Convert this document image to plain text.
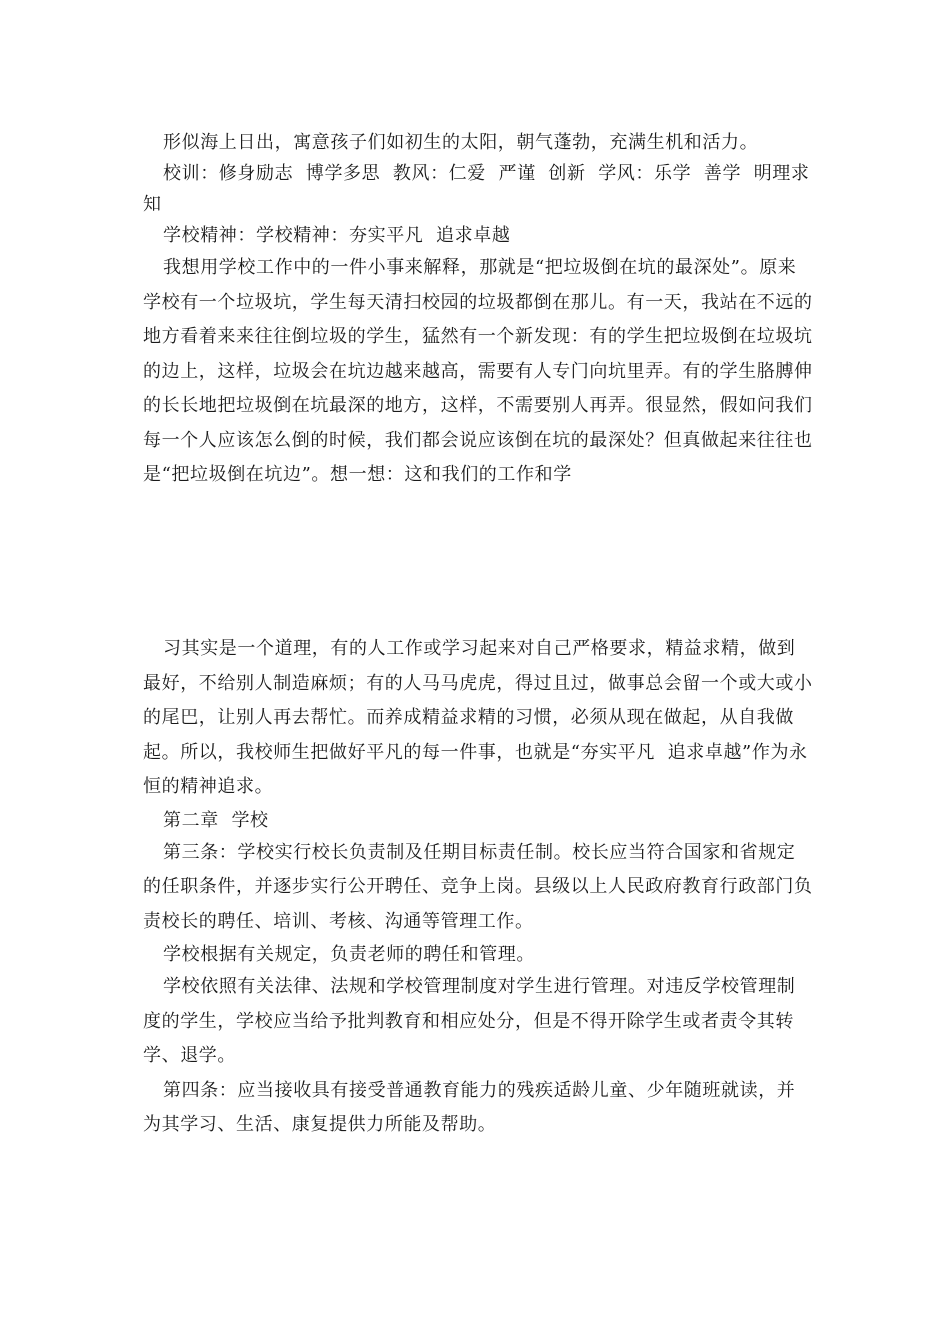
形似海上日出，寓意孩子们如初生的太阳，朝气蓬勃，充满生机和活力。

校训：修身励志  博学多思  教风：仁爱  严谨  创新  学风：乐学  善学  明理求知

学校精神：学校精神：夯实平凡  追求卓越

我想用学校工作中的一件小事来解释，那就是“把垃圾倒在坑的最深处”。原来学校有一个垃圾坑，学生每天清扫校园的垃圾都倒在那儿。有一天，我站在不远的地方看着来来往往倒垃圾的学生，猛然有一个新发现：有的学生把垃圾倒在垃圾坑的边上，这样，垃圾会在坑边越来越高，需要有人专门向坑里弄。有的学生胳膊伸的长长地把垃圾倒在坑最深的地方，这样，不需要别人再弄。很显然，假如问我们每一个人应该怎么倒的时候，我们都会说应该倒在坑的最深处？但真做起来往往也是“把垃圾倒在坑边”。想一想：这和我们的工作和学

习其实是一个道理，有的人工作或学习起来对自己严格要求，精益求精，做到最好，不给别人制造麻烦；有的人马马虎虎，得过且过，做事总会留一个或大或小的尾巴，让别人再去帮忙。而养成精益求精的习惯，必须从现在做起，从自我做起。所以，我校师生把做好平凡的每一件事，也就是“夯实平凡  追求卓越”作为永恒的精神追求。

第二章  学校

第三条：学校实行校长负责制及任期目标责任制。校长应当符合国家和省规定的任职条件，并逐步实行公开聘任、竞争上岗。县级以上人民政府教育行政部门负责校长的聘任、培训、考核、沟通等管理工作。

学校根据有关规定，负责老师的聘任和管理。

学校依照有关法律、法规和学校管理制度对学生进行管理。对违反学校管理制度的学生，学校应当给予批判教育和相应处分，但是不得开除学生或者责令其转学、退学。

第四条：应当接收具有接受普通教育能力的残疾适龄儿童、少年随班就读，并为其学习、生活、康复提供力所能及帮助。
